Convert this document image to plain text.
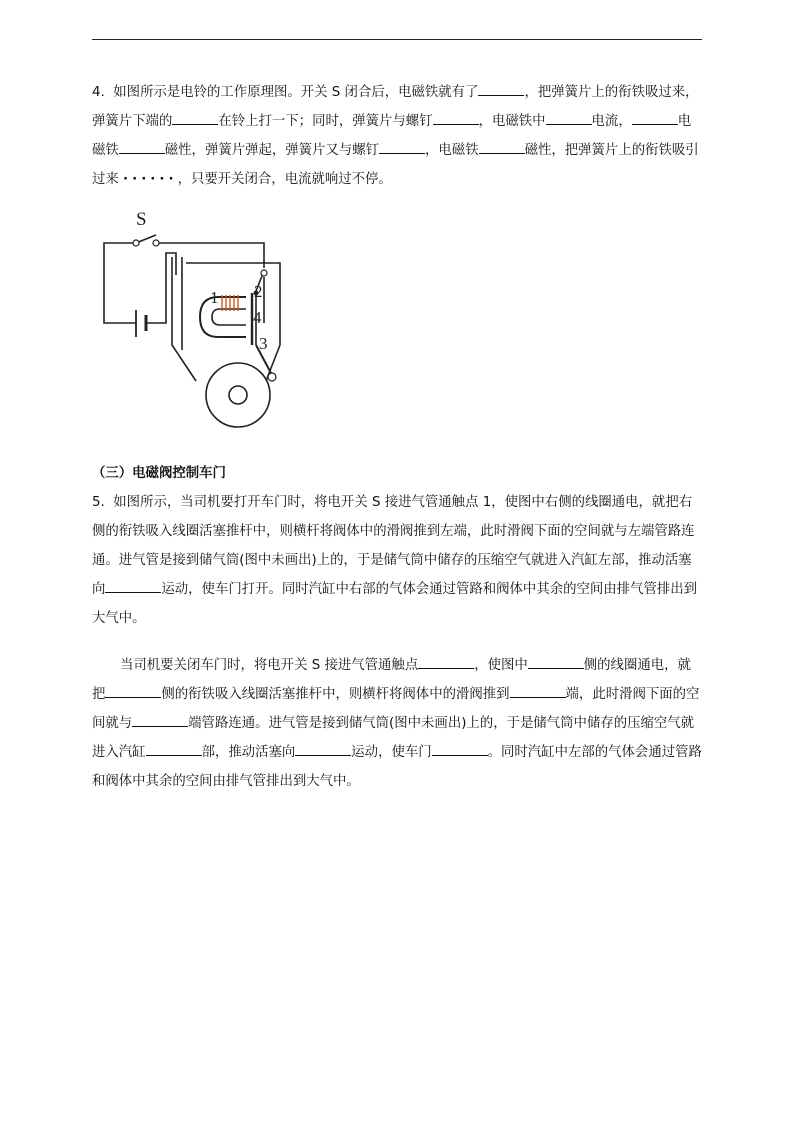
4. 如图所示是电铃的工作原理图。开关 S 闭合后，电磁铁就有了	，把弹簧片上的衔铁吸过来，弹簧片下端的	在铃上打一下；同时，弹簧片与螺钉	，电磁铁中	电流，	电磁铁	磁性，弹簧片弹起，弹簧片又与螺钉	，电磁铁	磁性，把弹簧片上的衔铁吸引过来 ······，只要开关闭合，电流就响过不停。

S
1 2
3
4

（三）电磁阀控制车门

5. 如图所示，当司机要打开车门时，将电开关 S 接进气管通触点 1，使图中右侧的线圈通电，就把右侧的衔铁吸入线圈活塞推杆中，则横杆将阀体中的滑阀推到左端，此时滑阀下面的空间就与左端管路连通。进气管是接到储气筒(图中未画出)上的，于是储气筒中储存的压缩空气就进入汽缸左部，推动活塞向	运动，使车门打开。同时汽缸中右部的气体会通过管路和阀体中其余的空间由排气管排出到大气中。

当司机要关闭车门时，将电开关 S 接进气管通触点	，使图中	侧的线圈通电，就把	侧的衔铁吸入线圈活塞推杆中，则横杆将阀体中的滑阀推到	端，此时滑阀下面的空间就与	端管路连通。进气管是接到储气筒(图中未画出)上的，于是储气筒中储存的压缩空气就进入汽缸	部，推动活塞向	运动，使车门	。同时汽缸中左部的气体会通过管路和阀体中其余的空间由排气管排出到大气中。
